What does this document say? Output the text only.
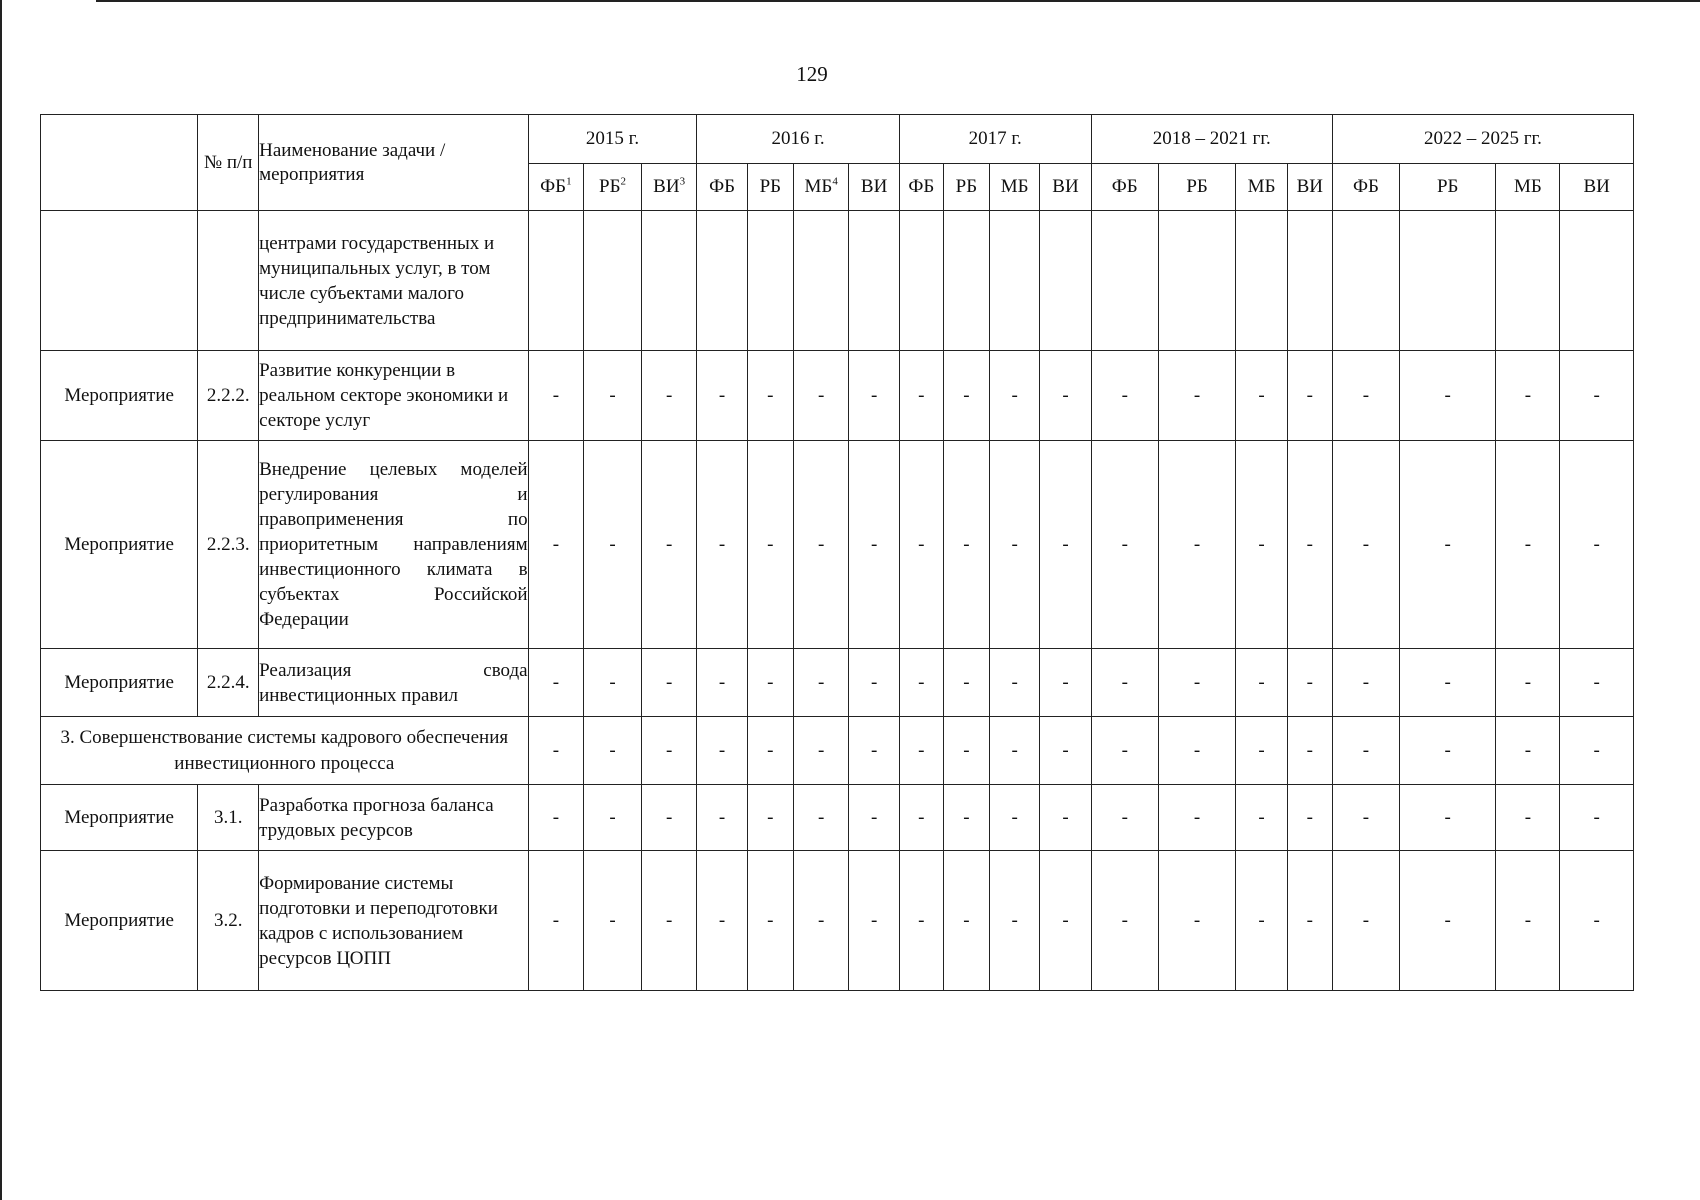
129
	№ п/п	Наименование задачи / мероприятия	2015 г.			2016 г.				2017 г.				2018 – 2021 гг.				2022 – 2025 гг.			
			$ФБ^1$	$РБ^2$	$ВИ^3$	ФБ	РБ	$МБ^4$	ВИ	ФБ	РБ	МБ	ВИ	ФБ	РБ	МБ	ВИ	ФБ	РБ	МБ	ВИ
		центрами государственных и муниципальных услуг, в том числе субъектами малого предпринимательства																			
Мероприятие	2.2.2.	Развитие конкуренции в реальном секторе экономики и секторе услуг	-	-	-	-	-	-	-	-	-	-	-	-	-	-	-	-	-	-	-
Мероприятие	2.2.3.	Внедрение целевых моделей регулирования и правоприменения по приоритетным направлениям инвестиционного климата в субъектах Российской Федерации	-	-	-	-	-	-	-	-	-	-	-	-	-	-	-	-	-	-	-
Мероприятие	2.2.4.	Реализация свода инвестиционных правил	-	-	-	-	-	-	-	-	-	-	-	-	-	-	-	-	-	-	-
3. Совершенствование системы кадрового обеспечения инвестиционного процесса			-	-	-	-	-	-	-	-	-	-	-	-	-	-	-	-	-	-	-
Мероприятие	3.1.	Разработка прогноза баланса трудовых ресурсов	-	-	-	-	-	-	-	-	-	-	-	-	-	-	-	-	-	-	-
Мероприятие	3.2.	Формирование системы подготовки и переподготовки кадров с использованием ресурсов ЦОПП	-	-	-	-	-	-	-	-	-	-	-	-	-	-	-	-	-	-	-
